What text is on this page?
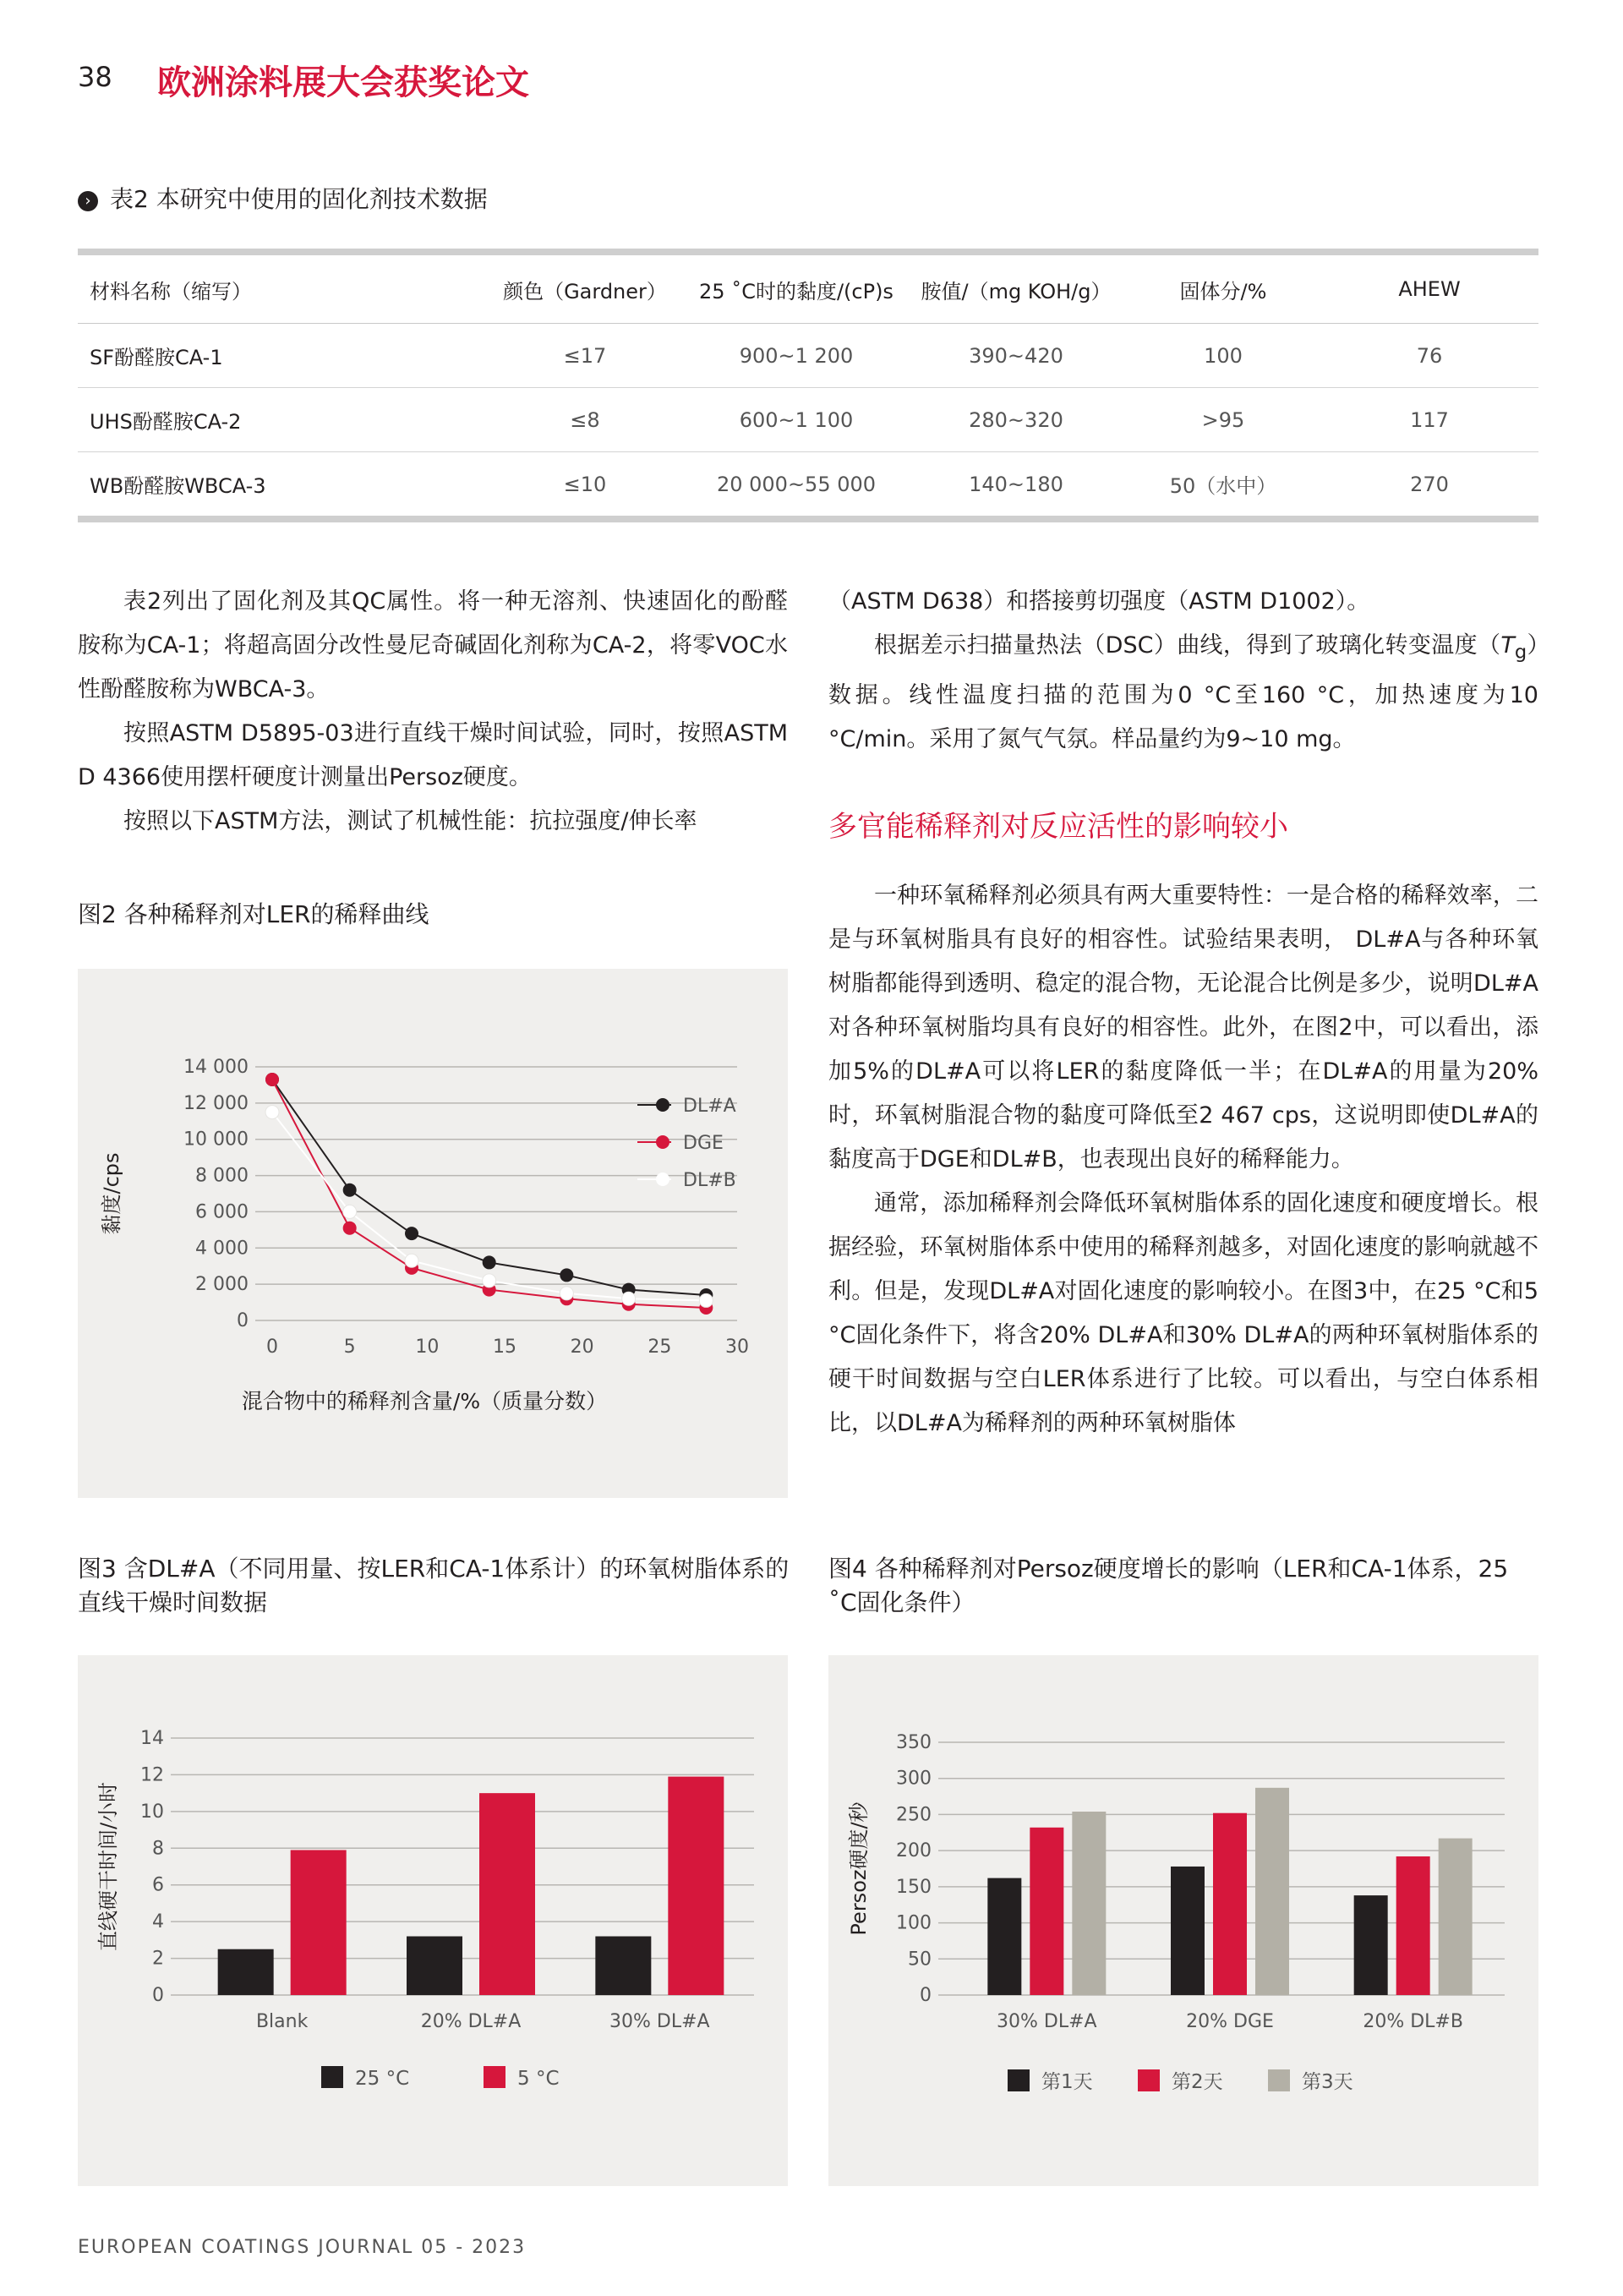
38 欧洲涂料展大会获奖论文
› 表2 本研究中使用的固化剂技术数据
材料名称（缩写）	颜色（Gardner）	25 ˚C时的黏度/(cP)s	胺值/（mg KOH/g）	固体分/%	AHEW
SF酚醛胺CA-1	≤17	900~1 200	390~420	100	76
UHS酚醛胺CA-2	≤8	600~1 100	280~320	>95	117
WB酚醛胺WBCA-3	≤10	20 000~55 000	140~180	50（水中）	270

表2列出了固化剂及其QC属性。将一种无溶剂、快速固化的酚醛胺称为CA-1；将超高固分改性曼尼奇碱固化剂称为CA-2，将零VOC水性酚醛胺称为WBCA-3。

按照ASTM D5895-03进行直线干燥时间试验，同时，按照ASTM D 4366使用摆杆硬度计测量出Persoz硬度。

按照以下ASTM方法，测试了机械性能：抗拉强度/伸长率

（ASTM D638）和搭接剪切强度（ASTM D1002）。

根据差示扫描量热法（DSC）曲线，得到了玻璃化转变温度$(T_g)$数据。线性温度扫描的范围为0 °C至160 °C，加热速度为10 °C/min。采用了氮气气氛。样品量约为9~10 mg。

多官能稀释剂对反应活性的影响较小

一种环氧稀释剂必须具有两大重要特性：一是合格的稀释效率，二是与环氧树脂具有良好的相容性。试验结果表明， DL#A与各种环氧树脂都能得到透明、稳定的混合物，无论混合比例是多少，说明DL#A对各种环氧树脂均具有良好的相容性。此外，在图2中，可以看出，添加5%的DL#A可以将LER的黏度降低一半；在DL#A的用量为20%时，环氧树脂混合物的黏度可降低至2 467 cps，这说明即使DL#A的黏度高于DGE和DL#B，也表现出良好的稀释能力。

通常，添加稀释剂会降低环氧树脂体系的固化速度和硬度增长。根据经验，环氧树脂体系中使用的稀释剂越多，对固化速度的影响就越不利。但是，发现DL#A对固化速度的影响较小。在图3中，在25 °C和5 °C固化条件下，将含20% DL#A和30% DL#A的两种环氧树脂体系的硬干时间数据与空白LER体系进行了比较。可以看出，与空白体系相比，以DL#A为稀释剂的两种环氧树脂体

图2 各种稀释剂对LER的稀释曲线
图3 含DL#A（不同用量、按LER和CA-1体系计）的环氧树脂体系的直线干燥时间数据
图4 各种稀释剂对Persoz硬度增长的影响（LER和CA-1体系，25 ˚C固化条件）
0
2 000
4 000
6 000
8 000
10 000
12 000
14 000
0	5	10	15	20	25	30
DL#A
DGE
DL#B
黏度/cps
混合物中的稀释剂含量/%（质量分数）
0
2
4
6
8
10
12
14
Blank	20% DL#A	30% DL#A
直线硬干时间/小时
25 °C	5 °C
0
50
100
150
200
250
300
350
30% DL#A	20% DGE	20% DL#B
Persoz硬度/秒
第1天	第2天	第3天
EUROPEAN COATINGS JOURNAL 05 - 2023
